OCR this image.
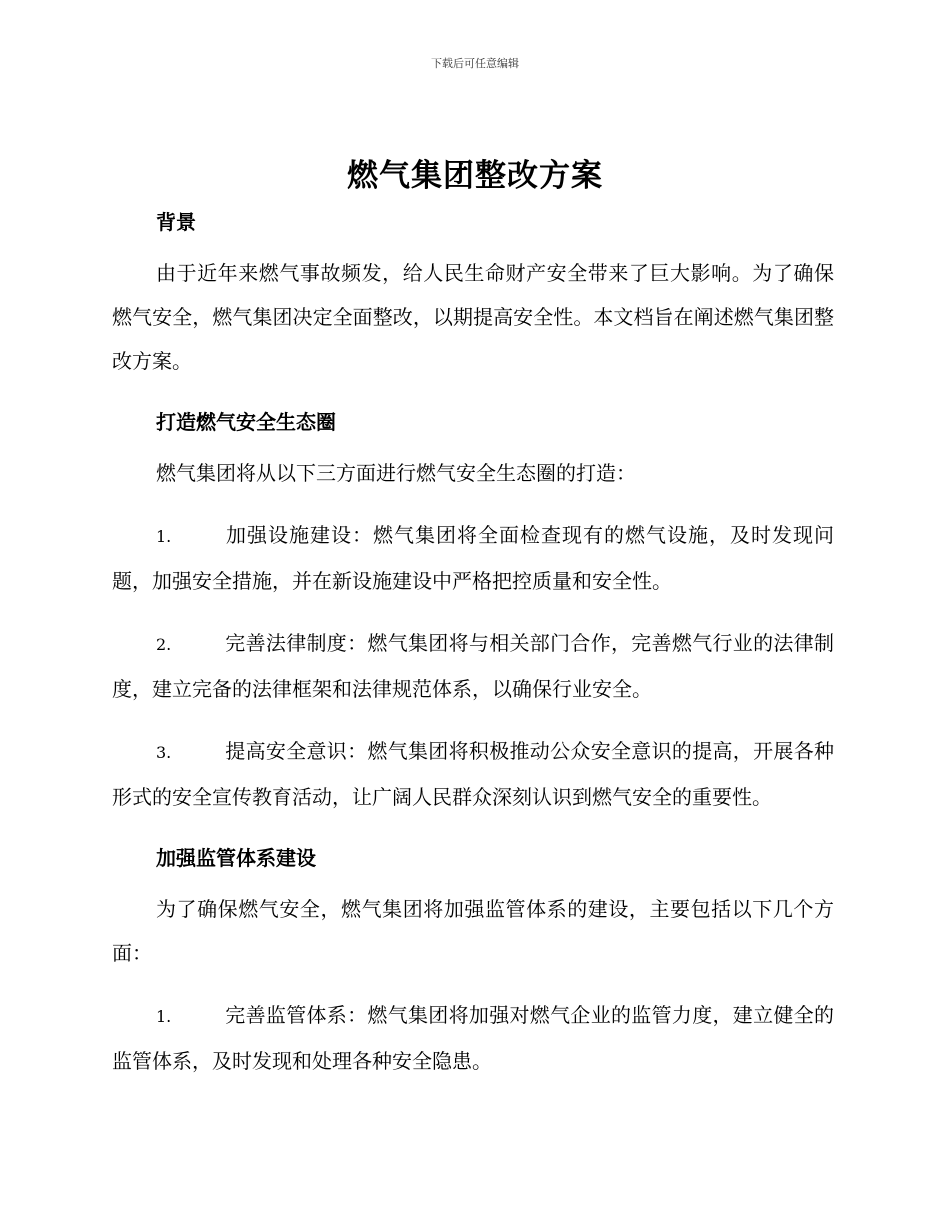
下载后可任意编辑
燃气集团整改方案
背景

由于近年来燃气事故频发，给人民生命财产安全带来了巨大影响。为了确保燃气安全，燃气集团决定全面整改，以期提高安全性。本文档旨在阐述燃气集团整改方案。

打造燃气安全生态圈

燃气集团将从以下三方面进行燃气安全生态圈的打造：

1.	加强设施建设：燃气集团将全面检查现有的燃气设施，及时发现问题，加强安全措施，并在新设施建设中严格把控质量和安全性。

2.	完善法律制度：燃气集团将与相关部门合作，完善燃气行业的法律制度，建立完备的法律框架和法律规范体系，以确保行业安全。

3.	提高安全意识：燃气集团将积极推动公众安全意识的提高，开展各种形式的安全宣传教育活动，让广阔人民群众深刻认识到燃气安全的重要性。

加强监管体系建设

为了确保燃气安全，燃气集团将加强监管体系的建设，主要包括以下几个方面：

1.	完善监管体系：燃气集团将加强对燃气企业的监管力度，建立健全的监管体系，及时发现和处理各种安全隐患。
